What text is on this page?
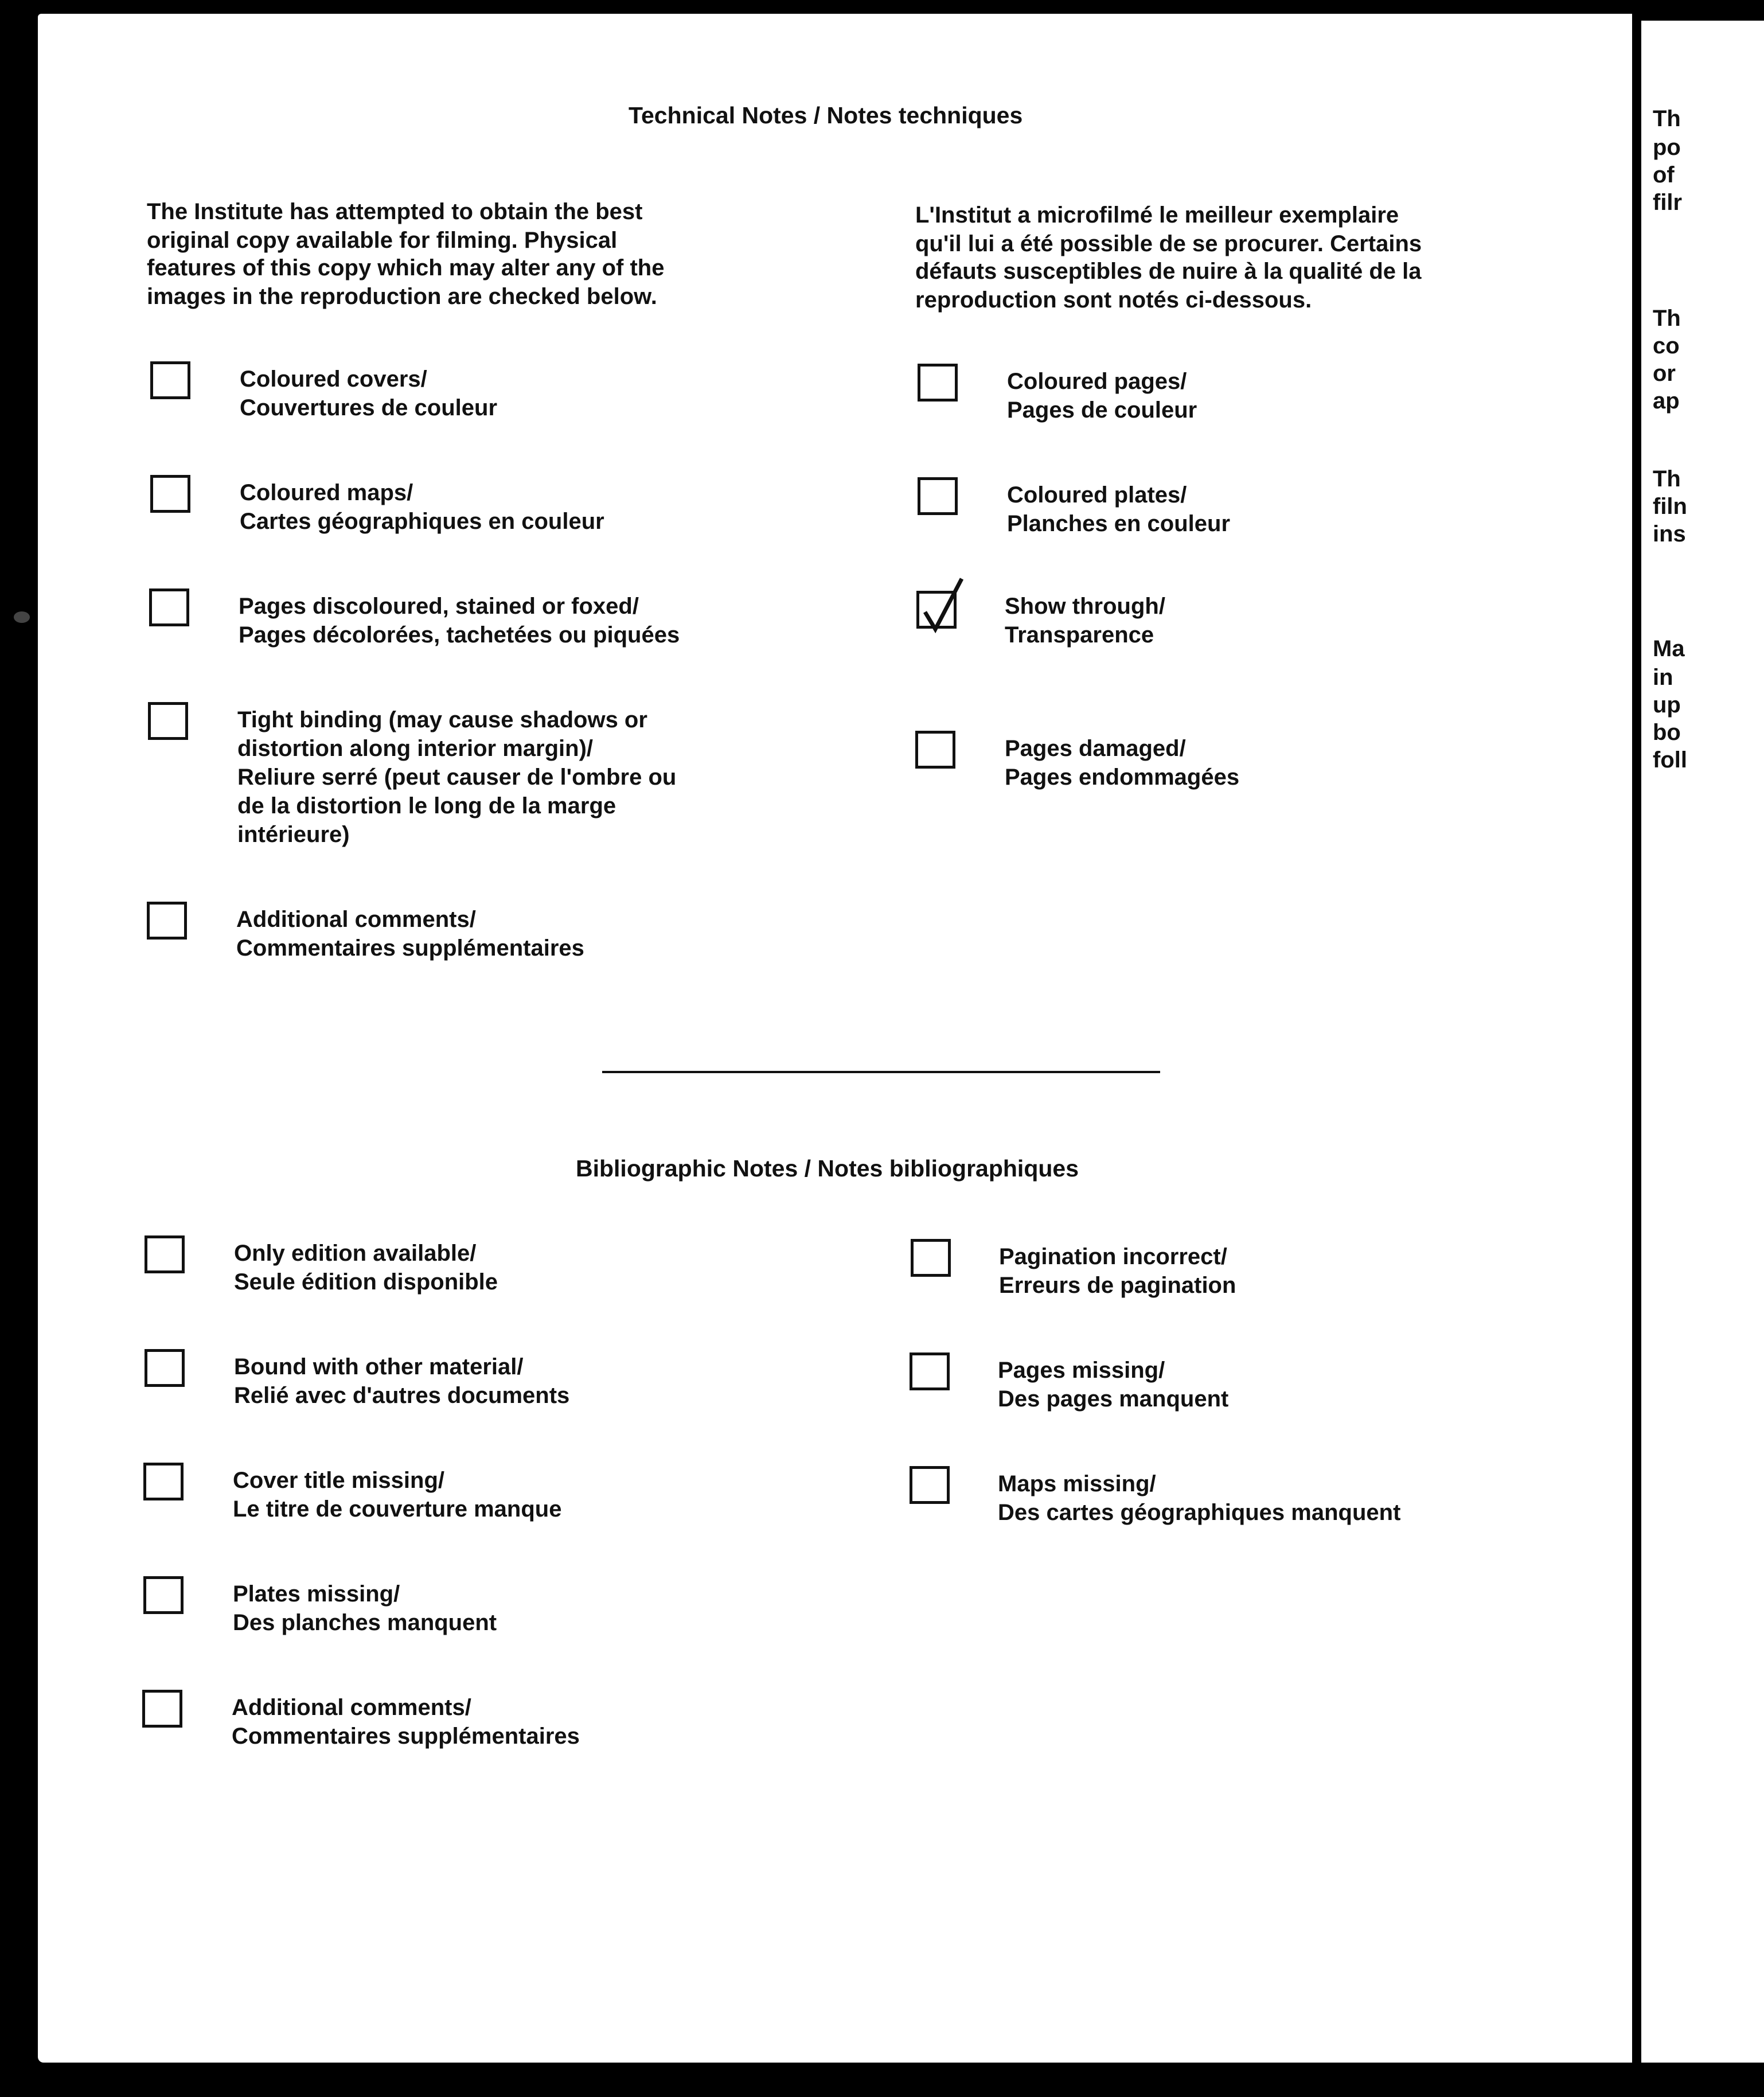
Technical Notes / Notes techniques

The Institute has attempted to obtain the best

original copy available for filming. Physical

features of this copy which may alter any of the

images in the reproduction are checked below.

L'Institut a microfilmé le meilleur exemplaire

qu'il lui a été possible de se procurer. Certains

défauts susceptibles de nuire à la qualité de la

reproduction sont notés ci-dessous.

Coloured covers/

Couvertures de couleur

Coloured maps/

Cartes géographiques en couleur

Pages discoloured, stained or foxed/

Pages décolorées, tachetées ou piquées

Tight binding (may cause shadows or

distortion along interior margin)/

Reliure serré (peut causer de l'ombre ou

de la distortion le long de la marge

intérieure)

Additional comments/

Commentaires supplémentaires

Coloured pages/

Pages de couleur

Coloured plates/

Planches en couleur

Show through/

Transparence

Pages damaged/

Pages endommagées

Bibliographic Notes / Notes bibliographiques

Only edition available/

Seule édition disponible

Bound with other material/

Relié avec d'autres documents

Cover title missing/

Le titre de couverture manque

Plates missing/

Des planches manquent

Additional comments/

Commentaires supplémentaires

Pagination incorrect/

Erreurs de pagination

Pages missing/

Des pages manquent

Maps missing/

Des cartes géographiques manquent

Th

po

of

filr

Th

co

or

ap

Th

filn

ins

Ma

in

up

bo

foll
